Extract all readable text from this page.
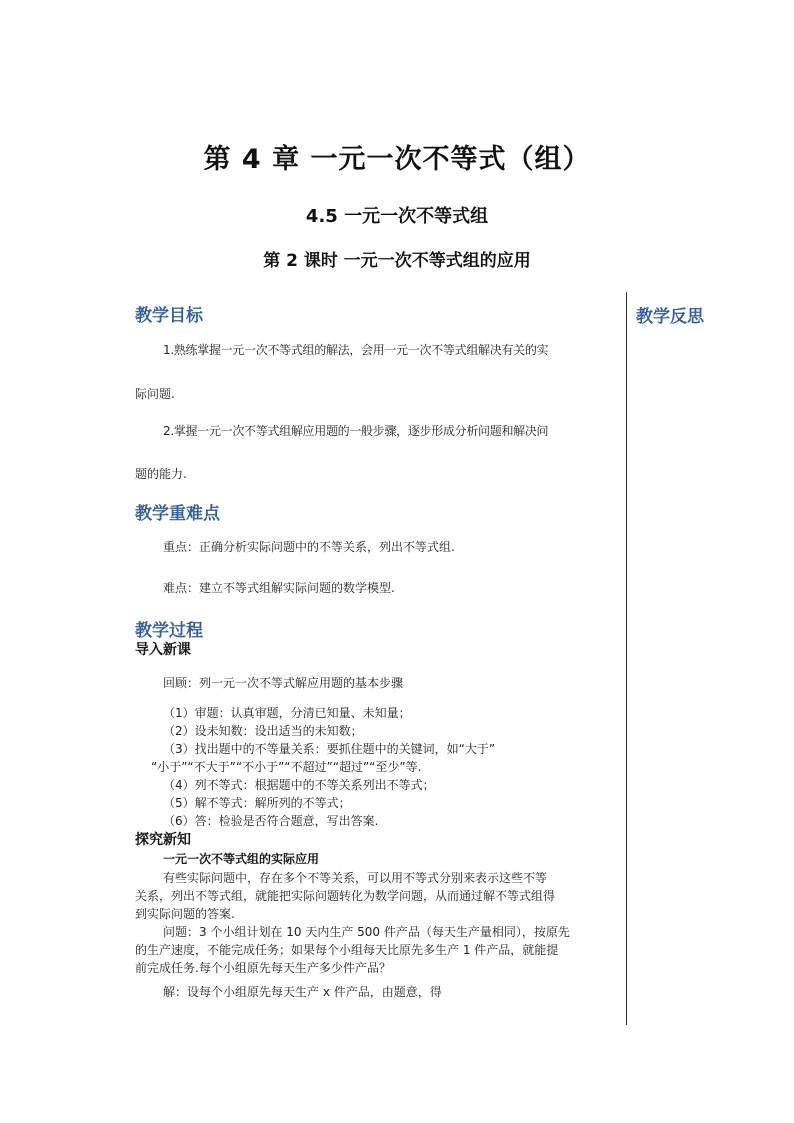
第 4 章 一元一次不等式（组）
4.5 一元一次不等式组
第 2 课时 一元一次不等式组的应用
教学反思
教学目标
1.熟练掌握一元一次不等式组的解法，会用一元一次不等式组解决有关的实
际问题.
2.掌握一元一次不等式组解应用题的一般步骤，逐步形成分析问题和解决问
题的能力.
教学重难点
重点：正确分析实际问题中的不等关系，列出不等式组.
难点：建立不等式组解实际问题的数学模型.
教学过程
导入新课
回顾：列一元一次不等式解应用题的基本步骤
（1）审题：认真审题，分清已知量、未知量；
（2）设未知数：设出适当的未知数；
（3）找出题中的不等量关系：要抓住题中的关键词，如“大于”
“小于”“不大于”“不小于”“不超过”“超过”“至少”等.
（4）列不等式：根据题中的不等关系列出不等式；
（5）解不等式：解所列的不等式；
（6）答：检验是否符合题意，写出答案.
探究新知
一元一次不等式组的实际应用
有些实际问题中，存在多个不等关系，可以用不等式分别来表示这些不等
关系，列出不等式组，就能把实际问题转化为数学问题，从而通过解不等式组得
到实际问题的答案.
问题：3 个小组计划在 10 天内生产 500 件产品（每天生产量相同），按原先
的生产速度，不能完成任务；如果每个小组每天比原先多生产 1 件产品，就能提
前完成任务.每个小组原先每天生产多少件产品？
解：设每个小组原先每天生产 x 件产品，由题意，得
